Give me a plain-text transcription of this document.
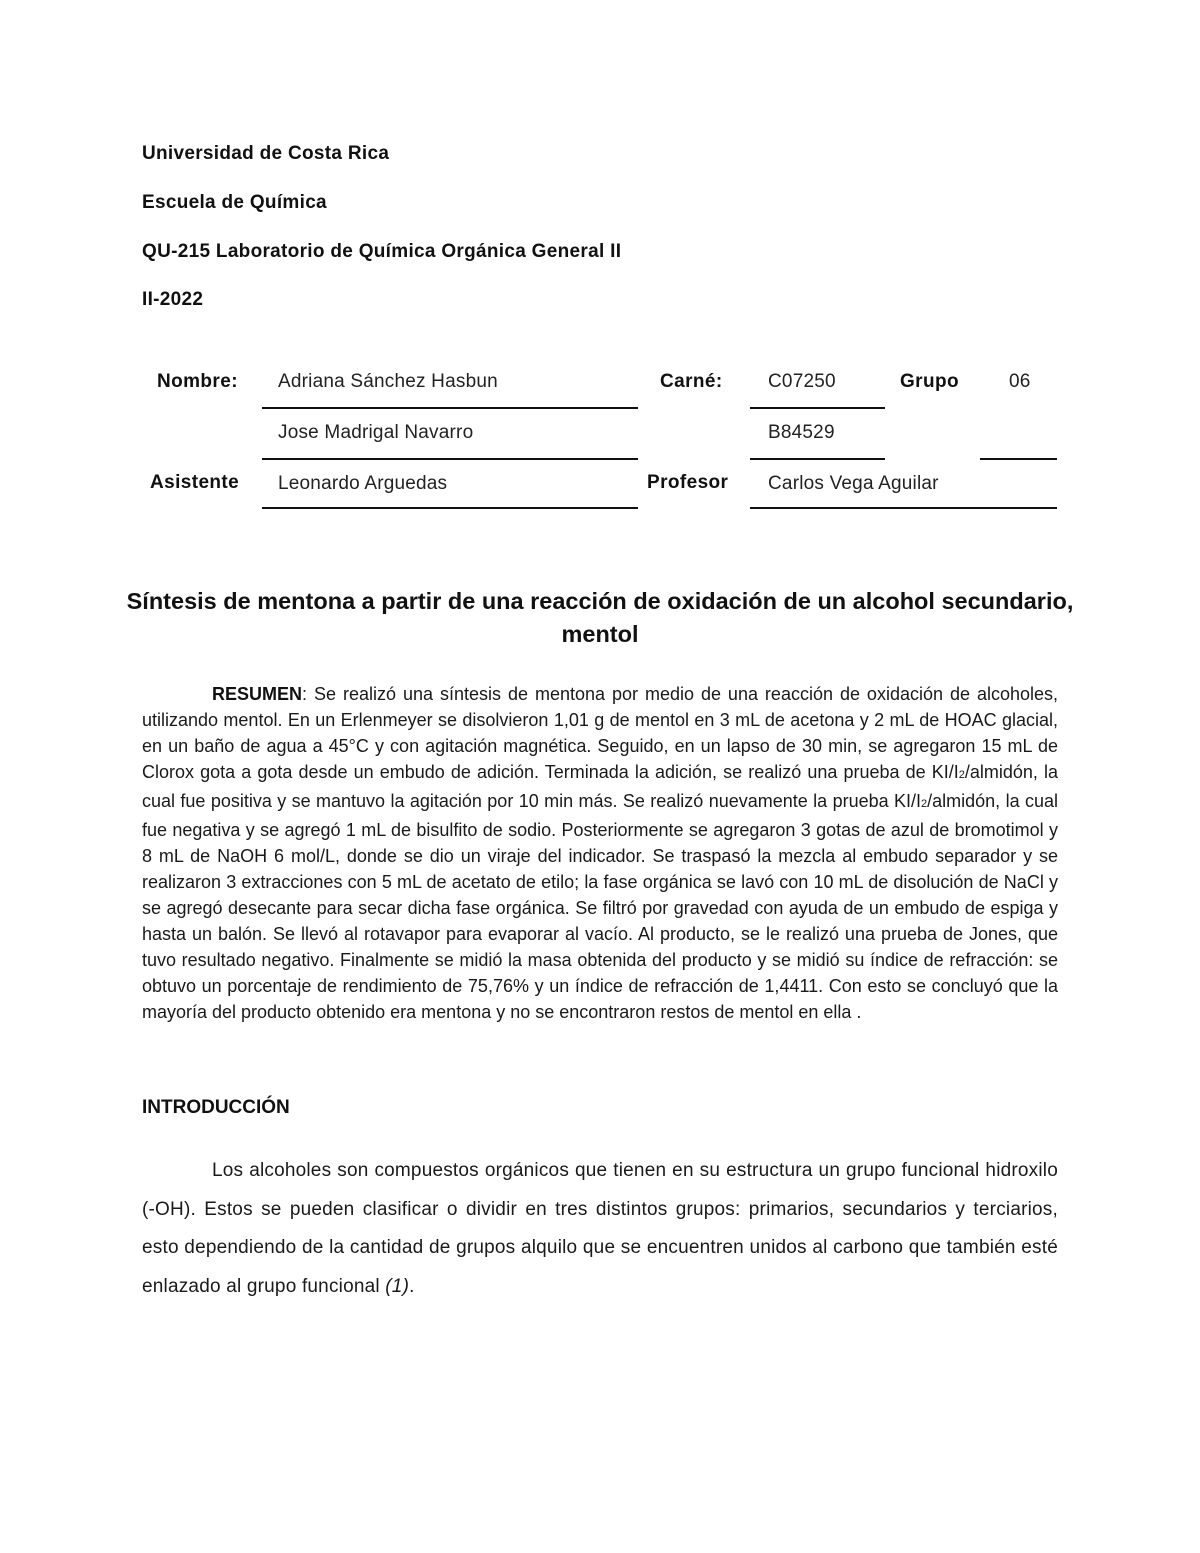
Universidad de Costa Rica
Escuela de Química
QU-215 Laboratorio de Química Orgánica General II
II-2022
Nombre: Adriana Sánchez Hasbun	Carné: C07250	Grupo	06
Jose Madrigal Navarro	B84529
Asistente Leonardo Arguedas	Profesor Carlos Vega Aguilar
Síntesis de mentona a partir de una reacción de oxidación de un alcohol secundario, mentol

RESUMEN: Se realizó una síntesis de mentona por medio de una reacción de oxidación de alcoholes, utilizando mentol. En un Erlenmeyer se disolvieron 1,01 g de mentol en 3 mL de acetona y 2 mL de HOAC glacial, en un baño de agua a 45°C y con agitación magnética. Seguido, en un lapso de 30 min, se agregaron 15 mL de Clorox gota a gota desde un embudo de adición. Terminada la adición, se realizó una prueba de KI/I2/almidón, la cual fue positiva y se mantuvo la agitación por 10 min más. Se realizó nuevamente la prueba KI/I2/almidón, la cual fue negativa y se agregó 1 mL de bisulfito de sodio. Posteriormente se agregaron 3 gotas de azul de bromotimol y 8 mL de NaOH 6 mol/L, donde se dio un viraje del indicador. Se traspasó la mezcla al embudo separador y se realizaron 3 extracciones con 5 mL de acetato de etilo; la fase orgánica se lavó con 10 mL de disolución de NaCl y se agregó desecante para secar dicha fase orgánica. Se filtró por gravedad con ayuda de un embudo de espiga y hasta un balón. Se llevó al rotavapor para evaporar al vacío. Al producto, se le realizó una prueba de Jones, que tuvo resultado negativo. Finalmente se midió la masa obtenida del producto y se midió su índice de refracción: se obtuvo un porcentaje de rendimiento de 75,76% y un índice de refracción de 1,4411. Con esto se concluyó que la mayoría del producto obtenido era mentona y no se encontraron restos de mentol en ella .

INTRODUCCIÓN

Los alcoholes son compuestos orgánicos que tienen en su estructura un grupo funcional hidroxilo (-OH). Estos se pueden clasificar o dividir en tres distintos grupos: primarios, secundarios y terciarios, esto dependiendo de la cantidad de grupos alquilo que se encuentren unidos al carbono que también esté enlazado al grupo funcional (1).
